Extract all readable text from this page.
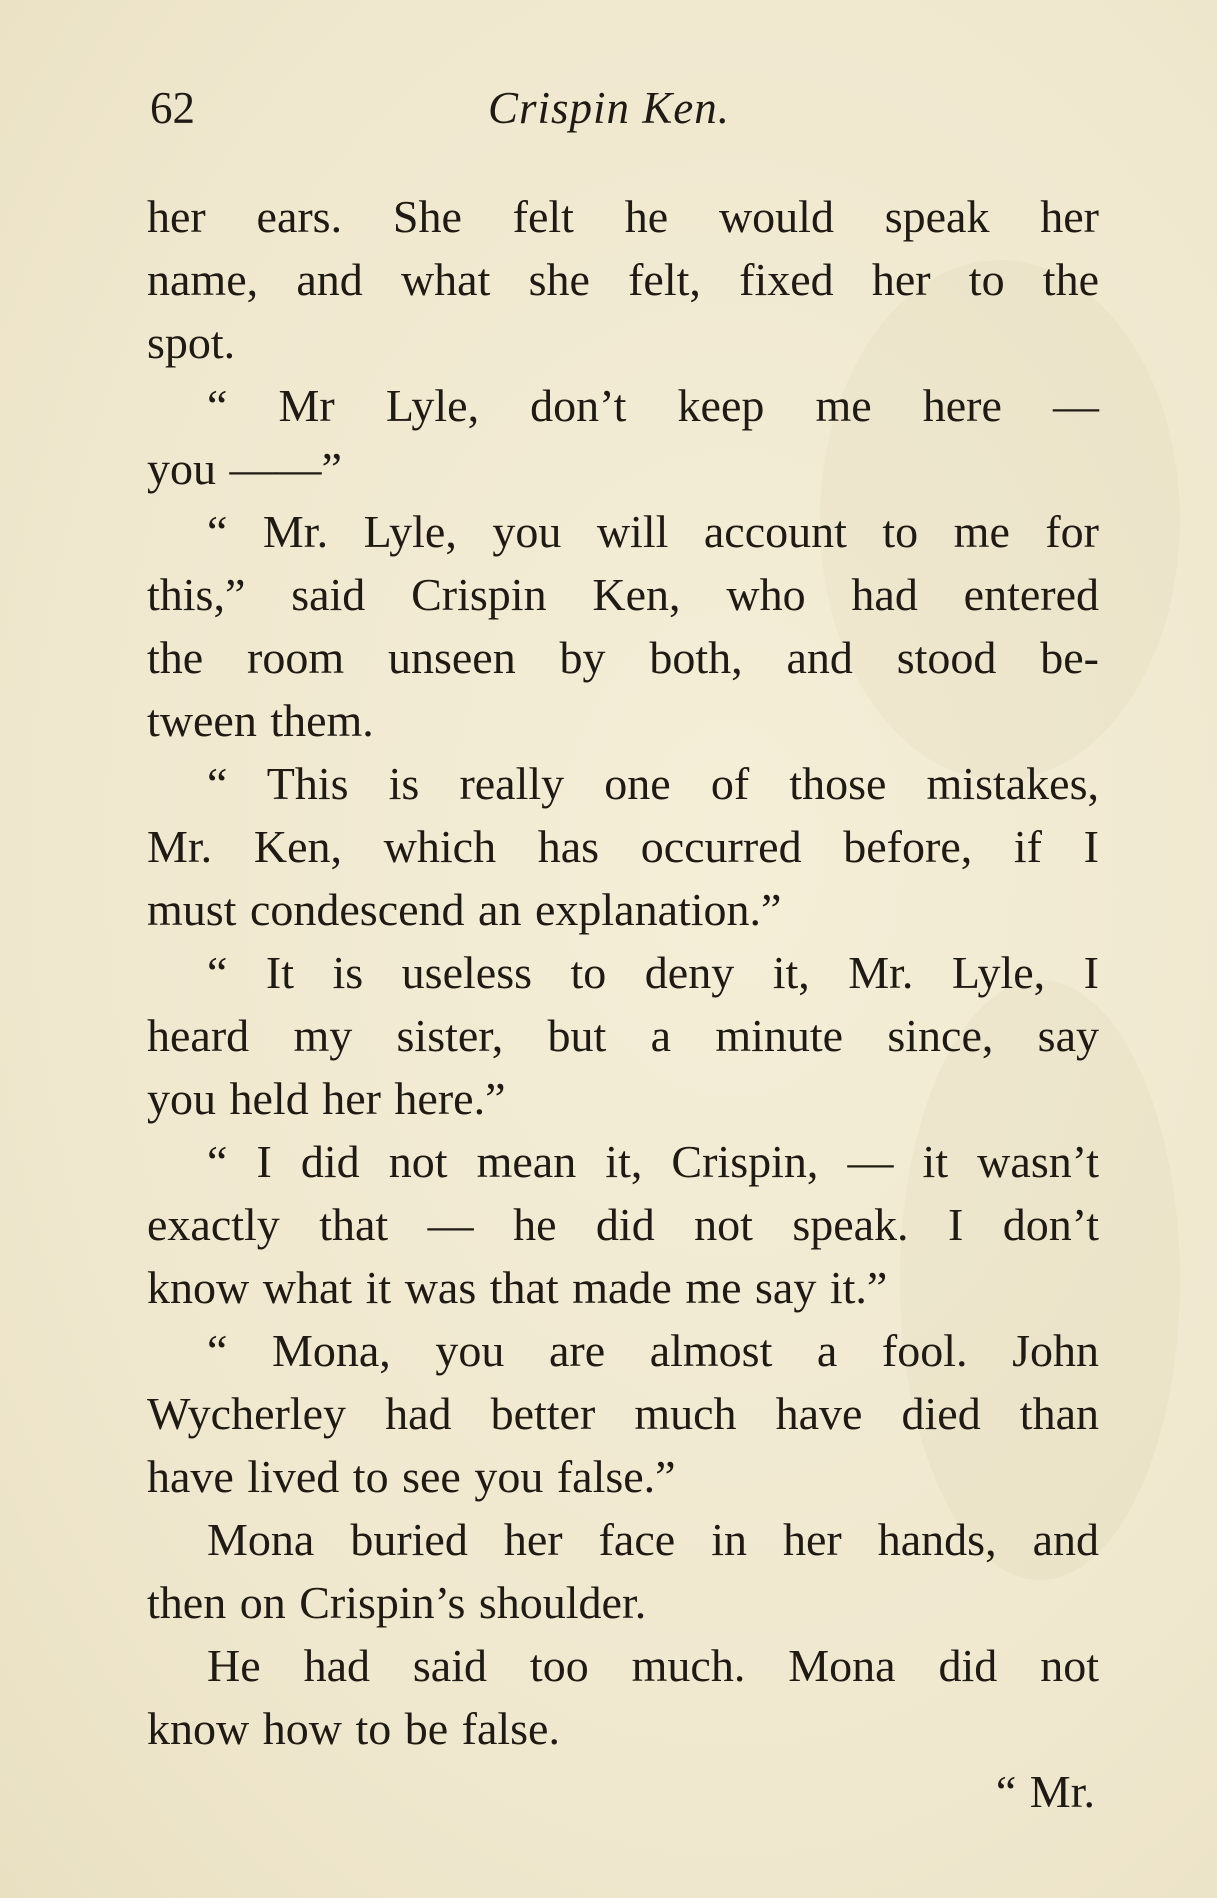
62	Crispin Ken.
her ears. She felt he would speak her
name, and what she felt, fixed her to the
spot.
“ Mr Lyle, don’t keep me here —
you ——”
“ Mr. Lyle, you will account to me for
this,” said Crispin Ken, who had entered
the room unseen by both, and stood be-
tween them.
“ This is really one of those mistakes,
Mr. Ken, which has occurred before, if I
must condescend an explanation.”
“ It is useless to deny it, Mr. Lyle, I
heard my sister, but a minute since, say
you held her here.”
“ I did not mean it, Crispin, — it wasn’t
exactly that — he did not speak. I don’t
know what it was that made me say it.”
“ Mona, you are almost a fool. John
Wycherley had better much have died than
have lived to see you false.”
Mona buried her face in her hands, and
then on Crispin’s shoulder.
He had said too much. Mona did not
know how to be false.
“ Mr.
